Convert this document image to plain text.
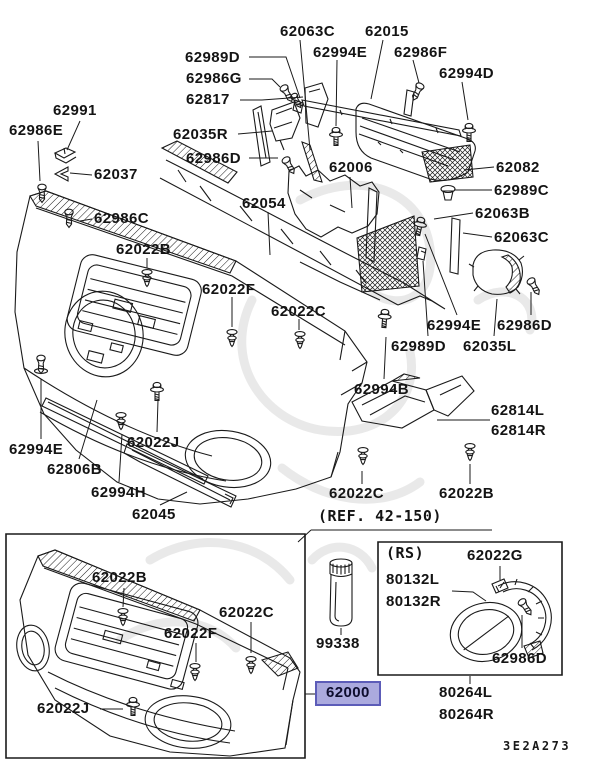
62063C 62015
62989D	62994E 62986F
62986G	62994D
62817
62991
62986E	62035R
62986D
62037	62006	62082
62989C
62054
62986C	62063B
62063C
62022B
62022F
62022C
62994E 62986D
62989D 62035L
62994B
62814L
62814R
62022J
62994E
62806B
62994H
62045
62022C	62022B
(REF. 42-150)
62022B
62022C
62022F
62022J
99338
62000
(RS)	62022G
80132L
80132R
62986D
80264L
80264R
3E2A273
